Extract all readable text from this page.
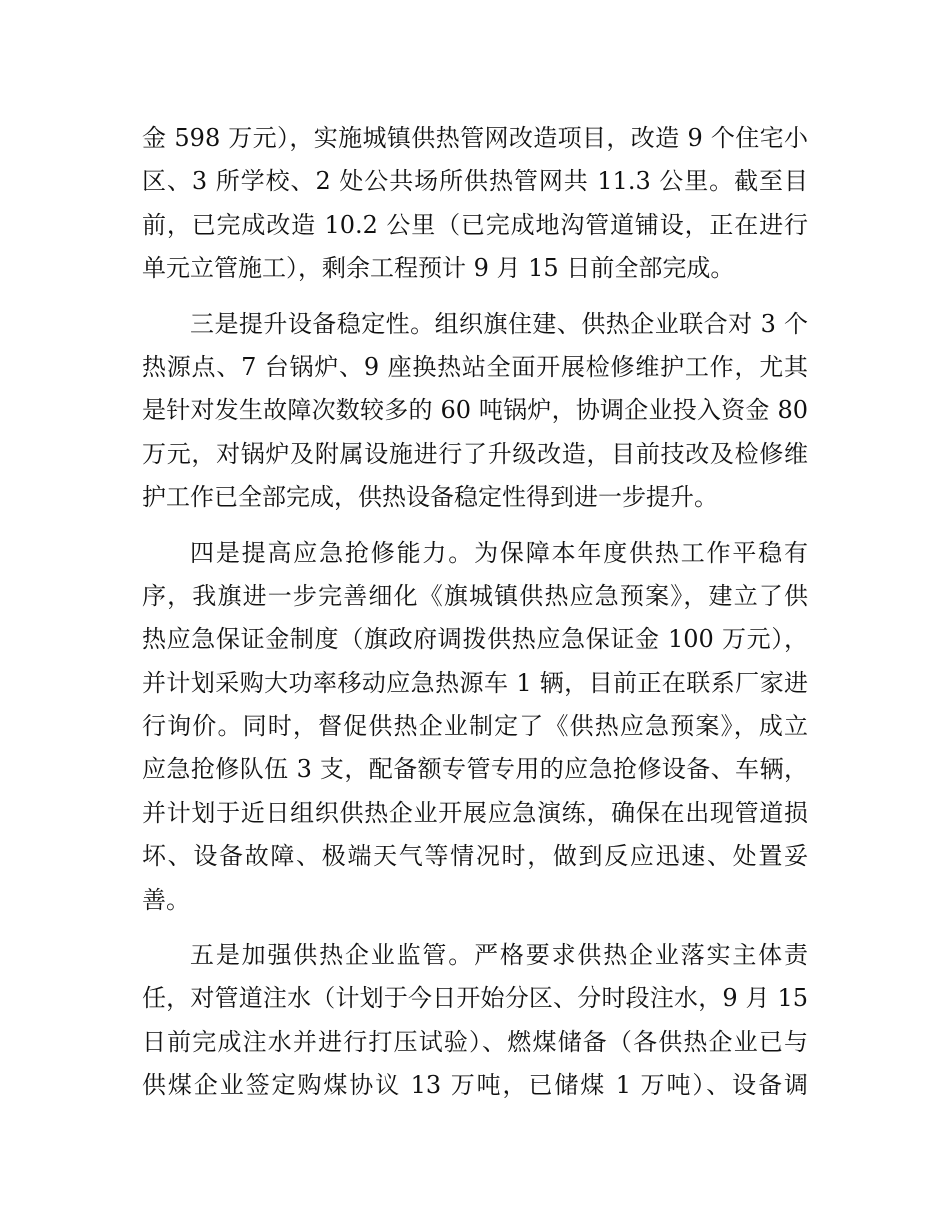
金 598 万元），实施城镇供热管网改造项目，改造 9 个住宅小
区、3 所学校、2 处公共场所供热管网共 11.3 公里。截至目
前，已完成改造 10.2 公里（已完成地沟管道铺设，正在进行
单元立管施工），剩余工程预计 9 月 15 日前全部完成。
三是提升设备稳定性。组织旗住建、供热企业联合对 3 个
热源点、7 台锅炉、9 座换热站全面开展检修维护工作，尤其
是针对发生故障次数较多的 60 吨锅炉，协调企业投入资金 80
万元，对锅炉及附属设施进行了升级改造，目前技改及检修维
护工作已全部完成，供热设备稳定性得到进一步提升。
四是提高应急抢修能力。为保障本年度供热工作平稳有
序，我旗进一步完善细化《旗城镇供热应急预案》，建立了供
热应急保证金制度（旗政府调拨供热应急保证金 100 万元），
并计划采购大功率移动应急热源车 1 辆，目前正在联系厂家进
行询价。同时，督促供热企业制定了《供热应急预案》，成立
应急抢修队伍 3 支，配备额专管专用的应急抢修设备、车辆，
并计划于近日组织供热企业开展应急演练，确保在出现管道损
坏、设备故障、极端天气等情况时，做到反应迅速、处置妥
善。
五是加强供热企业监管。严格要求供热企业落实主体责
任，对管道注水（计划于今日开始分区、分时段注水，9 月 15
日前完成注水并进行打压试验）、燃煤储备（各供热企业已与
供煤企业签定购煤协议 13 万吨，已储煤 1 万吨）、设备调
